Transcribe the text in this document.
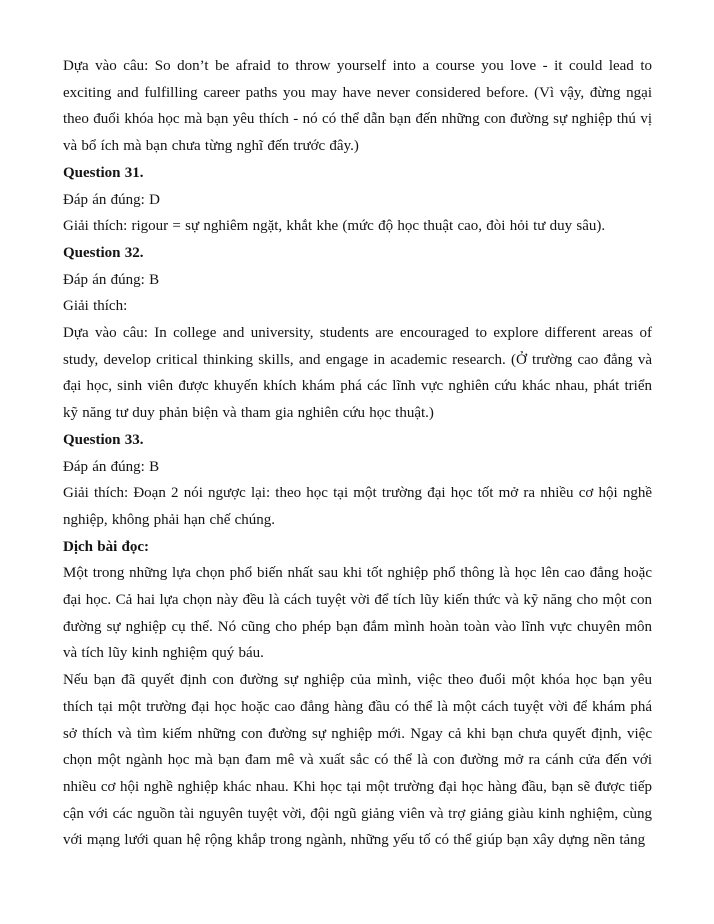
Dựa vào câu: So don’t be afraid to throw yourself into a course you love - it could lead to exciting and fulfilling career paths you may have never considered before. (Vì vậy, đừng ngại theo đuổi khóa học mà bạn yêu thích - nó có thể dẫn bạn đến những con đường sự nghiệp thú vị và bổ ích mà bạn chưa từng nghĩ đến trước đây.)

Question 31.

Đáp án đúng: D

Giải thích: rigour = sự nghiêm ngặt, khắt khe (mức độ học thuật cao, đòi hỏi tư duy sâu).

Question 32.

Đáp án đúng: B

Giải thích:

Dựa vào câu: In college and university, students are encouraged to explore different areas of study, develop critical thinking skills, and engage in academic research. (Ở trường cao đẳng và đại học, sinh viên được khuyến khích khám phá các lĩnh vực nghiên cứu khác nhau, phát triển kỹ năng tư duy phản biện và tham gia nghiên cứu học thuật.)

Question 33.

Đáp án đúng: B

Giải thích: Đoạn 2 nói ngược lại: theo học tại một trường đại học tốt mở ra nhiều cơ hội nghề nghiệp, không phải hạn chế chúng.

Dịch bài đọc:

Một trong những lựa chọn phổ biến nhất sau khi tốt nghiệp phổ thông là học lên cao đẳng hoặc đại học. Cả hai lựa chọn này đều là cách tuyệt vời để tích lũy kiến thức và kỹ năng cho một con đường sự nghiệp cụ thể. Nó cũng cho phép bạn đắm mình hoàn toàn vào lĩnh vực chuyên môn và tích lũy kinh nghiệm quý báu.

Nếu bạn đã quyết định con đường sự nghiệp của mình, việc theo đuổi một khóa học bạn yêu thích tại một trường đại học hoặc cao đẳng hàng đầu có thể là một cách tuyệt vời để khám phá sở thích và tìm kiếm những con đường sự nghiệp mới. Ngay cả khi bạn chưa quyết định, việc chọn một ngành học mà bạn đam mê và xuất sắc có thể là con đường mở ra cánh cửa đến với nhiều cơ hội nghề nghiệp khác nhau. Khi học tại một trường đại học hàng đầu, bạn sẽ được tiếp cận với các nguồn tài nguyên tuyệt vời, đội ngũ giảng viên và trợ giảng giàu kinh nghiệm, cùng với mạng lưới quan hệ rộng khắp trong ngành, những yếu tố có thể giúp bạn xây dựng nền tảng
